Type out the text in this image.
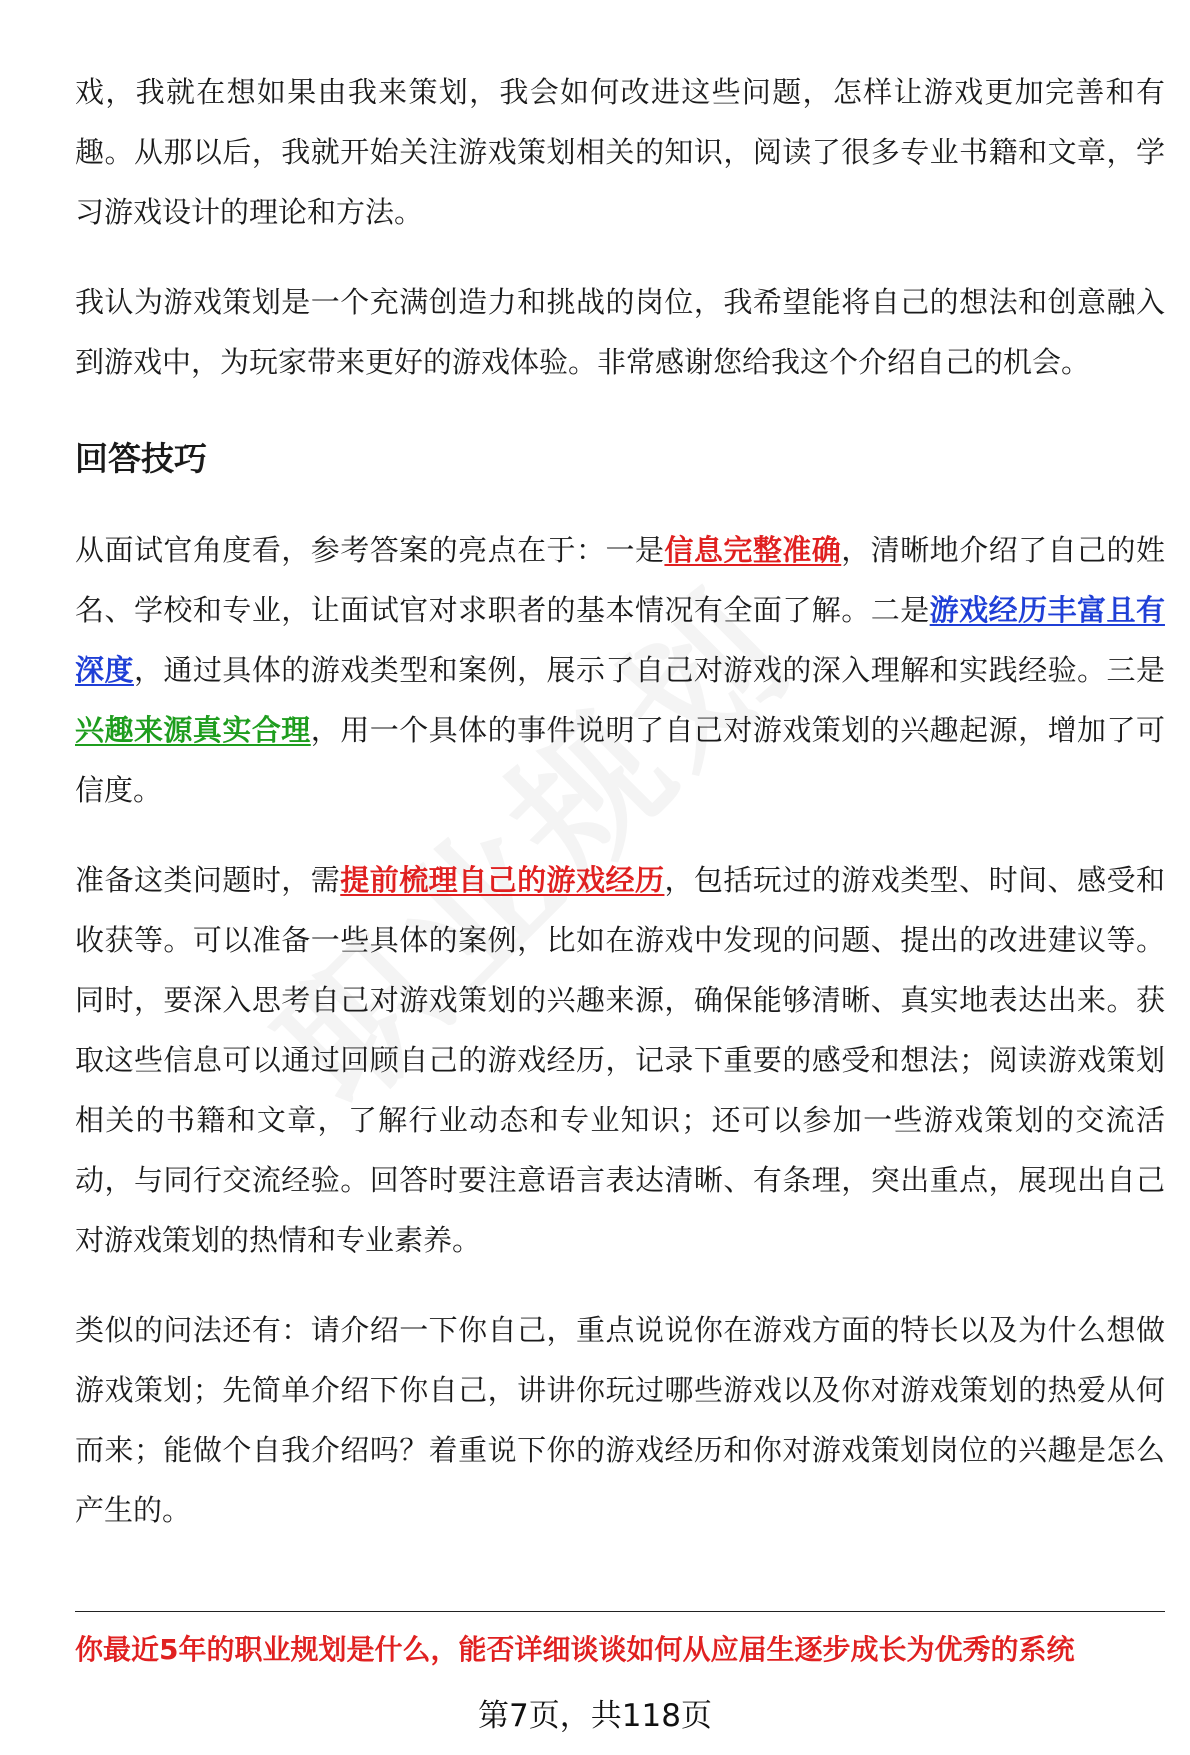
戏，我就在想如果由我来策划，我会如何改进这些问题，怎样让游戏更加完善和有趣。从那以后，我就开始关注游戏策划相关的知识，阅读了很多专业书籍和文章，学习游戏设计的理论和方法。

我认为游戏策划是一个充满创造力和挑战的岗位，我希望能将自己的想法和创意融入到游戏中，为玩家带来更好的游戏体验。非常感谢您给我这个介绍自己的机会。

回答技巧

从面试官角度看，参考答案的亮点在于：一是信息完整准确，清晰地介绍了自己的姓名、学校和专业，让面试官对求职者的基本情况有全面了解。二是游戏经历丰富且有深度，通过具体的游戏类型和案例，展示了自己对游戏的深入理解和实践经验。三是兴趣来源真实合理，用一个具体的事件说明了自己对游戏策划的兴趣起源，增加了可信度。

准备这类问题时，需提前梳理自己的游戏经历，包括玩过的游戏类型、时间、感受和收获等。可以准备一些具体的案例，比如在游戏中发现的问题、提出的改进建议等。同时，要深入思考自己对游戏策划的兴趣来源，确保能够清晰、真实地表达出来。获取这些信息可以通过回顾自己的游戏经历，记录下重要的感受和想法；阅读游戏策划相关的书籍和文章，了解行业动态和专业知识；还可以参加一些游戏策划的交流活动，与同行交流经验。回答时要注意语言表达清晰、有条理，突出重点，展现出自己对游戏策划的热情和专业素养。

类似的问法还有：请介绍一下你自己，重点说说你在游戏方面的特长以及为什么想做游戏策划；先简单介绍下你自己，讲讲你玩过哪些游戏以及你对游戏策划的热爱从何而来；能做个自我介绍吗？着重说下你的游戏经历和你对游戏策划岗位的兴趣是怎么产生的。

你最近5年的职业规划是什么，能否详细谈谈如何从应届生逐步成长为优秀的系统
第7页，共118页
